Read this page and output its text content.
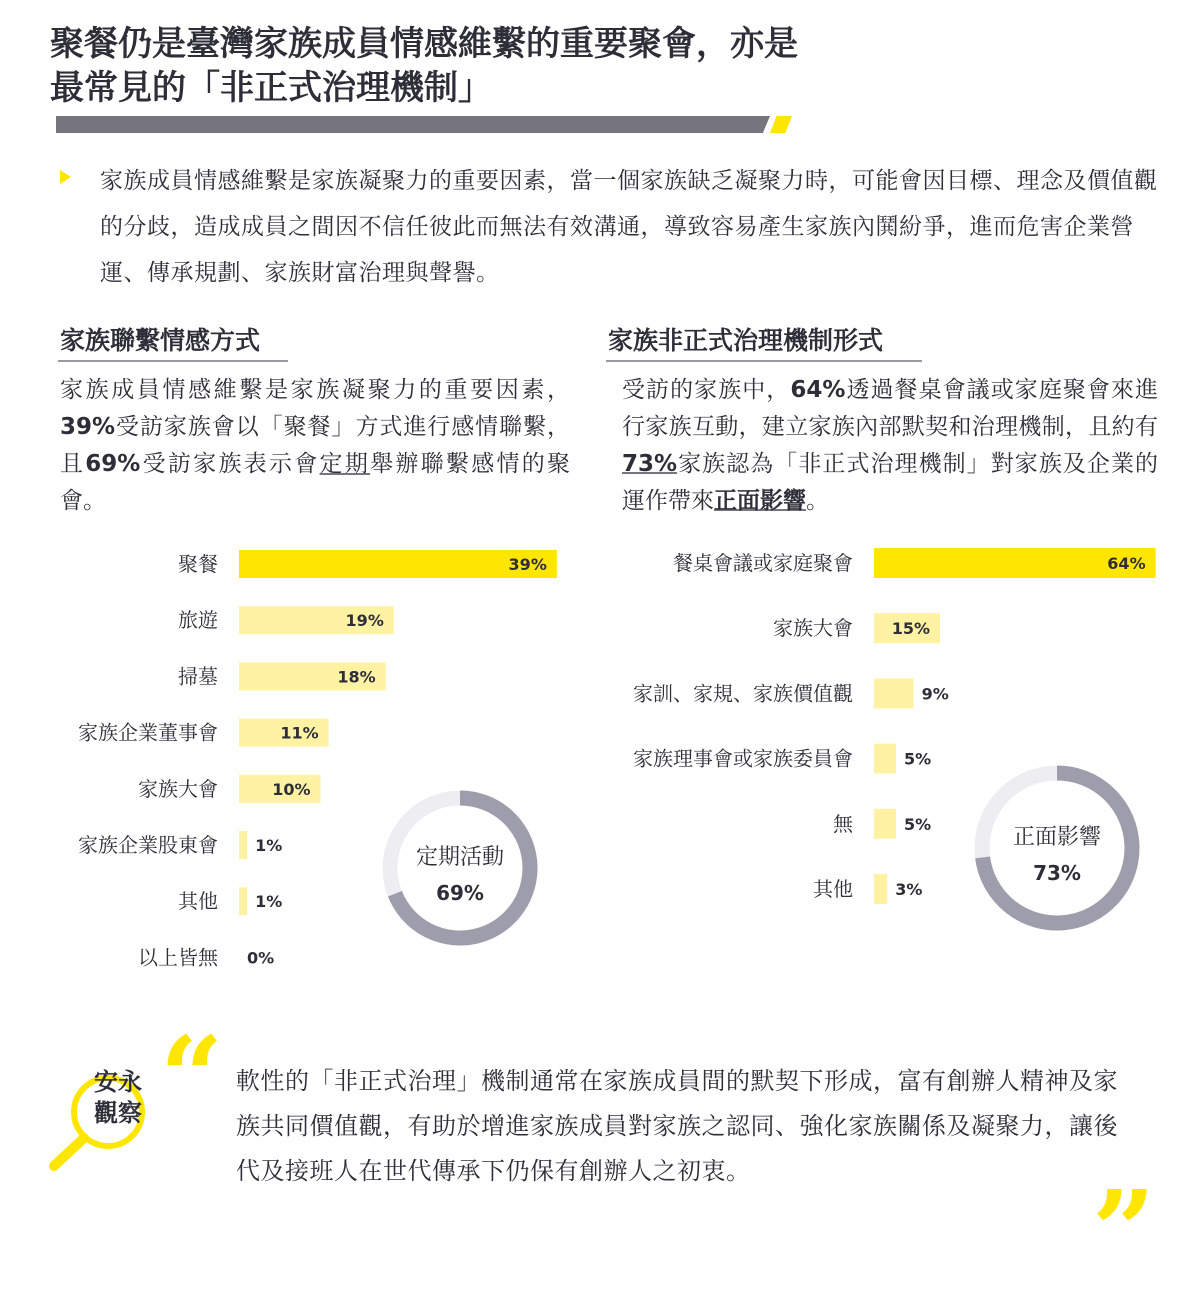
聚餐仍是臺灣家族成員情感維繫的重要聚會，亦是
最常見的「非正式治理機制」

家族成員情感維繫是家族凝聚力的重要因素，當一個家族缺乏凝聚力時，可能會因目標、理念及價值觀的分歧，造成成員之間因不信任彼此而無法有效溝通，導致容易產生家族內鬨紛爭，進而危害企業營運、傳承規劃、家族財富治理與聲譽。

家族聯繫情感方式

家族成員情感維繫是家族凝聚力的重要因素，39%受訪家族會以「聚餐」方式進行感情聯繫，且69%受訪家族表示會定期舉辦聯繫感情的聚會。

家族非正式治理機制形式

受訪的家族中，64%透過餐桌會議或家庭聚會來進行家族互動，建立家族內部默契和治理機制，且約有73%家族認為「非正式治理機制」對家族及企業的運作帶來正面影響。

聚餐	39%
旅遊	19%
掃墓	18%
家族企業董事會	11%
家族大會	10%
家族企業股東會 1%
其他 1%
以上皆無 0%
餐桌會議或家庭聚會	64%
家族大會 15%
家訓、家規、家族價值觀	9%
家族理事會或家族委員會	5%
無	5%
其他	3%
定期活動
69%
正面影響
73%

安永
觀察 “ 軟性的「非正式治理」機制通常在家族成員間的默契下形成，富有創辦人精神及家族共同價值觀，有助於增進家族成員對家族之認同、強化家族關係及凝聚力，讓後代及接班人在世代傳承下仍保有創辦人之初衷。	”
